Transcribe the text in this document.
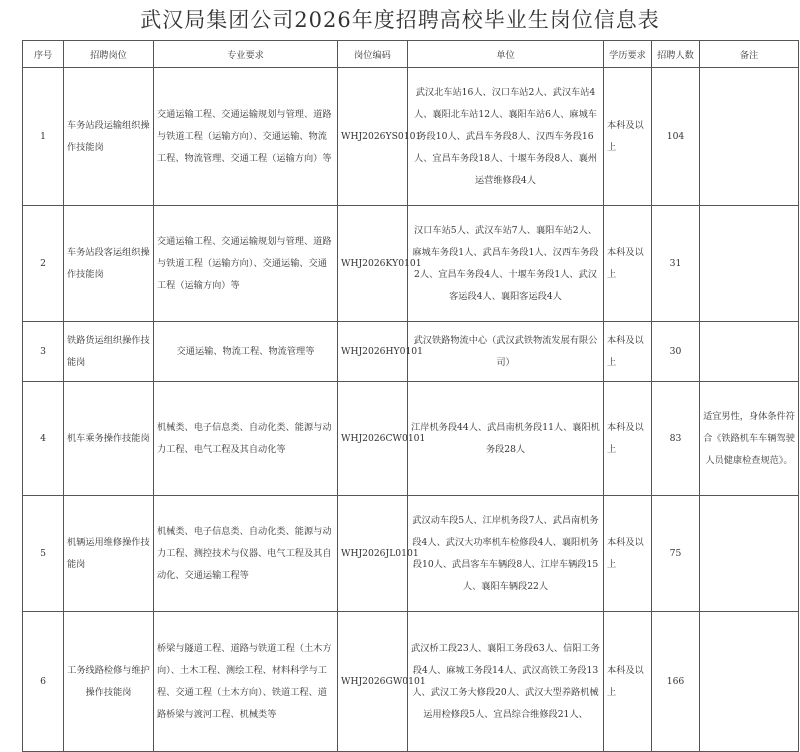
武汉局集团公司2026年度招聘高校毕业生岗位信息表
序号	招聘岗位	专业要求	岗位编码	单位	学历要求	招聘人数	备注
1	车务站段运输组织操作技能岗	交通运输工程、交通运输规划与管理、道路与铁道工程（运输方向）、交通运输、物流工程、物流管理、交通工程（运输方向）等	WHJ2026YS0101	武汉北车站16人、汉口车站2人、武汉车站4人、襄阳北车站12人、襄阳车站6人、麻城车务段10人、武昌车务段8人、汉西车务段16人、宜昌车务段18人、十堰车务段8人、襄州运营维修段4人	本科及以上	104	
2	车务站段客运组织操作技能岗	交通运输工程、交通运输规划与管理、道路与铁道工程（运输方向）、交通运输、交通工程（运输方向）等	WHJ2026KY0101	汉口车站5人、武汉车站7人、襄阳车站2人、麻城车务段1人、武昌车务段1人、汉西车务段2人、宜昌车务段4人、十堰车务段1人、武汉客运段4人、襄阳客运段4人	本科及以上	31	
3	铁路货运组织操作技能岗	交通运输、物流工程、物流管理等	WHJ2026HY0101	武汉铁路物流中心（武汉武铁物流发展有限公司）	本科及以上	30	
4	机车乘务操作技能岗	机械类、电子信息类、自动化类、能源与动力工程、电气工程及其自动化等	WHJ2026CW0101	江岸机务段44人、武昌南机务段11人、襄阳机务段28人	本科及以上	83	适宜男性，身体条件符合《铁路机车车辆驾驶人员健康检查规范》。
5	机辆运用维修操作技能岗	机械类、电子信息类、自动化类、能源与动力工程、测控技术与仪器、电气工程及其自动化、交通运输工程等	WHJ2026JL0101	武汉动车段5人、江岸机务段7人、武昌南机务段4人、武汉大功率机车检修段4人、襄阳机务段10人、武昌客车车辆段8人、江岸车辆段15人、襄阳车辆段22人	本科及以上	75	
6	工务线路检修与维护操作技能岗	桥梁与隧道工程、道路与铁道工程（土木方向）、土木工程、测绘工程、材料科学与工程、交通工程（土木方向）、铁道工程、道路桥梁与渡河工程、机械类等	WHJ2026GW0101	武汉桥工段23人、襄阳工务段63人、信阳工务段4人、麻城工务段14人、武汉高铁工务段13人、武汉工务大修段20人、武汉大型养路机械运用检修段5人、宜昌综合维修段21人、	本科及以上	166	
